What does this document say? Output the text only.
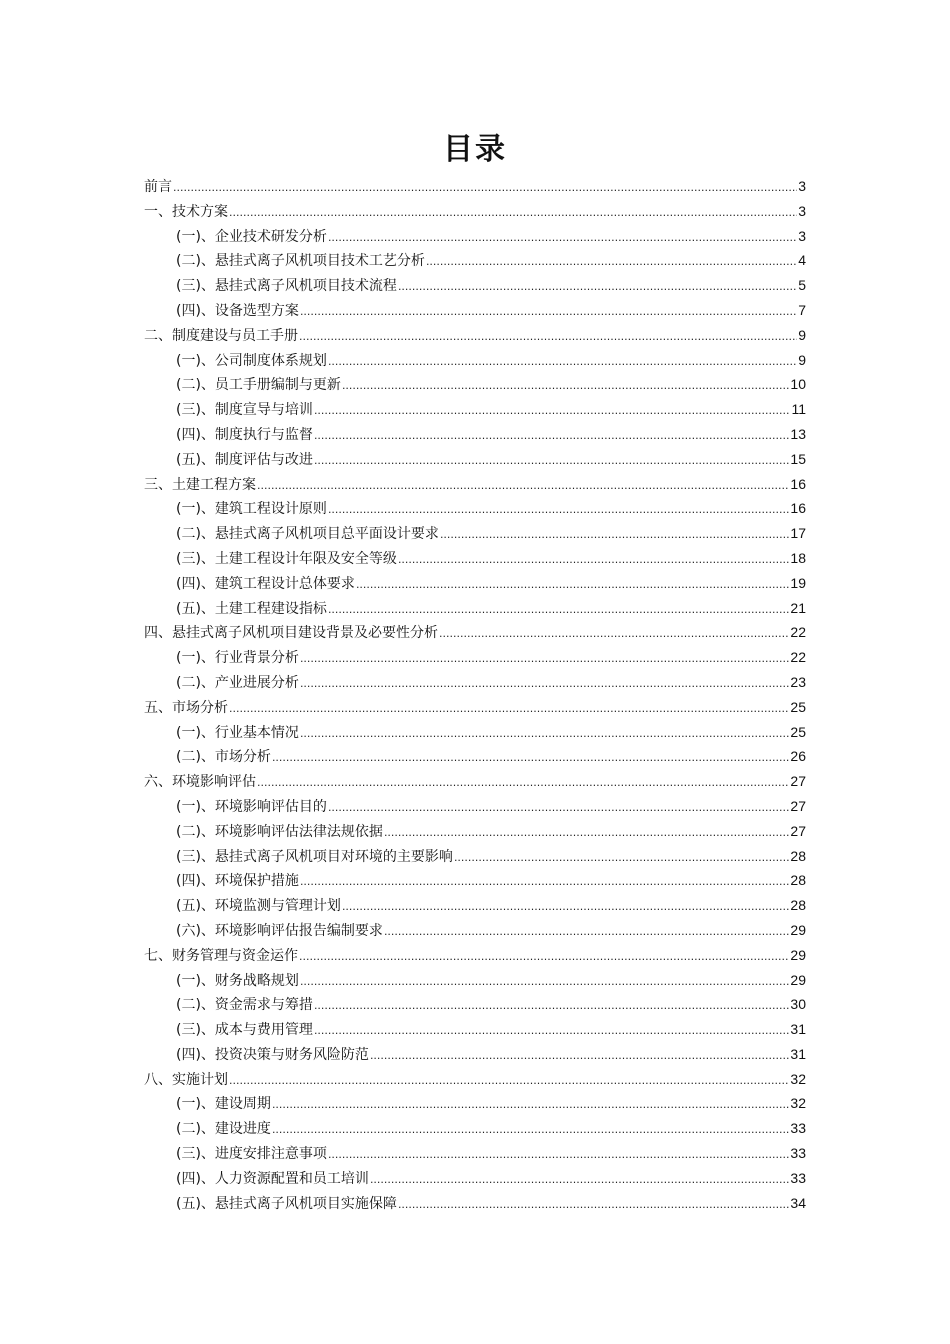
目录
前言 .....	3
一、技术方案 .....	3
(一)、企业技术研发分析 .....	3
(二)、悬挂式离子风机项目技术工艺分析 .....	4
(三)、悬挂式离子风机项目技术流程 .....	5
(四)、设备选型方案 .....	7
二、制度建设与员工手册 .....	9
(一)、公司制度体系规划 .....	9
(二)、员工手册编制与更新 .....	10
(三)、制度宣导与培训 .....	11
(四)、制度执行与监督 .....	13
(五)、制度评估与改进 .....	15
三、土建工程方案 .....	16
(一)、建筑工程设计原则 .....	16
(二)、悬挂式离子风机项目总平面设计要求 .....	17
(三)、土建工程设计年限及安全等级 .....	18
(四)、建筑工程设计总体要求 .....	19
(五)、土建工程建设指标 .....	21
四、悬挂式离子风机项目建设背景及必要性分析 .....	22
(一)、行业背景分析 .....	22
(二)、产业进展分析 .....	23
五、市场分析 .....	25
(一)、行业基本情况 .....	25
(二)、市场分析 .....	26
六、环境影响评估 .....	27
(一)、环境影响评估目的 .....	27
(二)、环境影响评估法律法规依据 .....	27
(三)、悬挂式离子风机项目对环境的主要影响 .....	28
(四)、环境保护措施 .....	28
(五)、环境监测与管理计划 .....	28
(六)、环境影响评估报告编制要求 .....	29
七、财务管理与资金运作 .....	29
(一)、财务战略规划 .....	29
(二)、资金需求与筹措 .....	30
(三)、成本与费用管理 .....	31
(四)、投资决策与财务风险防范 .....	31
八、实施计划 .....	32
(一)、建设周期 .....	32
(二)、建设进度 .....	33
(三)、进度安排注意事项 .....	33
(四)、人力资源配置和员工培训 .....	33
(五)、悬挂式离子风机项目实施保障 .....	34
